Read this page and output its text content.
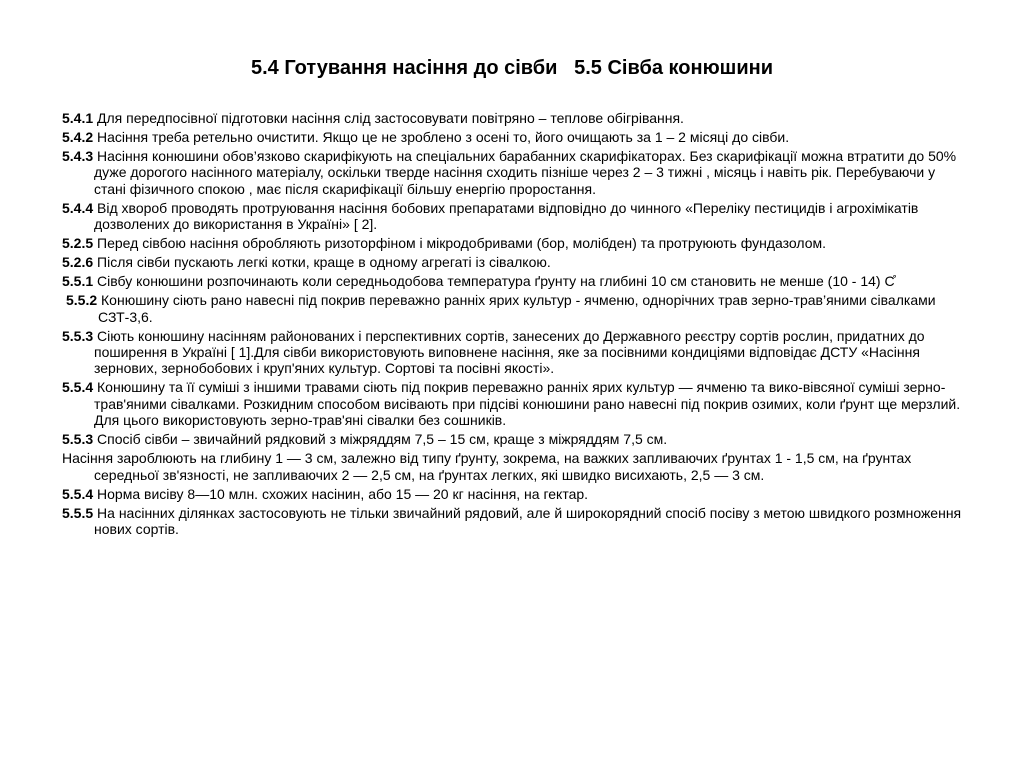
5.4 Готування насіння до сівби   5.5 Сівба конюшини

5.4.1 Для передпосівної підготовки насіння слід застосовувати повітряно – теплове обігрівання.

5.4.2 Насіння треба ретельно очистити. Якщо це не зроблено з осені то, його очищають за 1 – 2 місяці до сівби.

5.4.3 Насіння конюшини обов’язково скарифікують на спеціальних барабанних скарифікаторах. Без скарифікації можна втратити до 50% дуже дорогого насінного матеріалу, оскільки тверде насіння сходить пізніше через 2 – 3 тижні , місяць і навіть рік. Перебуваючи у стані фізичного спокою , має після скарифікації більшу енергію проростання.

5.4.4 Від хвороб проводять протруювання насіння бобових препаратами відповідно до чинного «Переліку пестицидів і агрохімікатів дозволених до використання в Україні» [ 2].

5.2.5 Перед сівбою насіння обробляють ризоторфіном і мікродобривами (бор, молібден) та протруюють фундазолом.

5.2.6 Після сівби пускають легкі котки, краще в одному агрегаті із сівалкою.

5.5.1 Сівбу конюшини розпочинають коли середньодобова температура ґрунту на глибині 10 см становить не менше (10 - 14) С̊

5.5.2 Конюшину сіють рано навесні під покрив переважно ранніх ярих культур - ячменю, однорічних трав зерно-трав’яними сівалками СЗТ-3,6.

5.5.3 Сіють конюшину насінням районованих і перспективних сортів, занесених до Державного реєстру сортів рослин, придатних до поширення в Україні [ 1].Для сівби використовують виповнене насіння, яке за посівними кондиціями відповідає ДСТУ «Насіння зернових, зернобобових і круп'яних культур. Сортові та посівні якості».

5.5.4 Конюшину та її суміші з іншими травами сіють під покрив переважно ранніх ярих культур — ячменю та вико-вівсяної суміші зерно-трав'яними сівалками. Розкидним способом висівають при підсіві конюшини рано навесні під покрив озимих, коли ґрунт ще мерзлий. Для цього використовують зерно-трав'яні сівалки без сошників.

5.5.3 Спосіб сівби – звичайний рядковий з міжряддям 7,5 – 15 см, краще з міжряддям 7,5 см.

Насіння зароблюють на глибину 1 — 3 см, залежно від типу ґрунту, зокрема, на важких запливаючих ґрунтах 1 - 1,5 см, на ґрунтах середньої зв'язності, не запливаючих 2 — 2,5 см, на ґрунтах легких, які швидко висихають, 2,5 — 3 см.

5.5.4 Норма висіву 8—10 млн. схожих насінин, або 15 — 20 кг насіння, на гектар.

5.5.5 На насінних ділянках застосовують не тільки звичайний рядовий, але й широкорядний спосіб посіву з метою швидкого розмноження нових сортів.
